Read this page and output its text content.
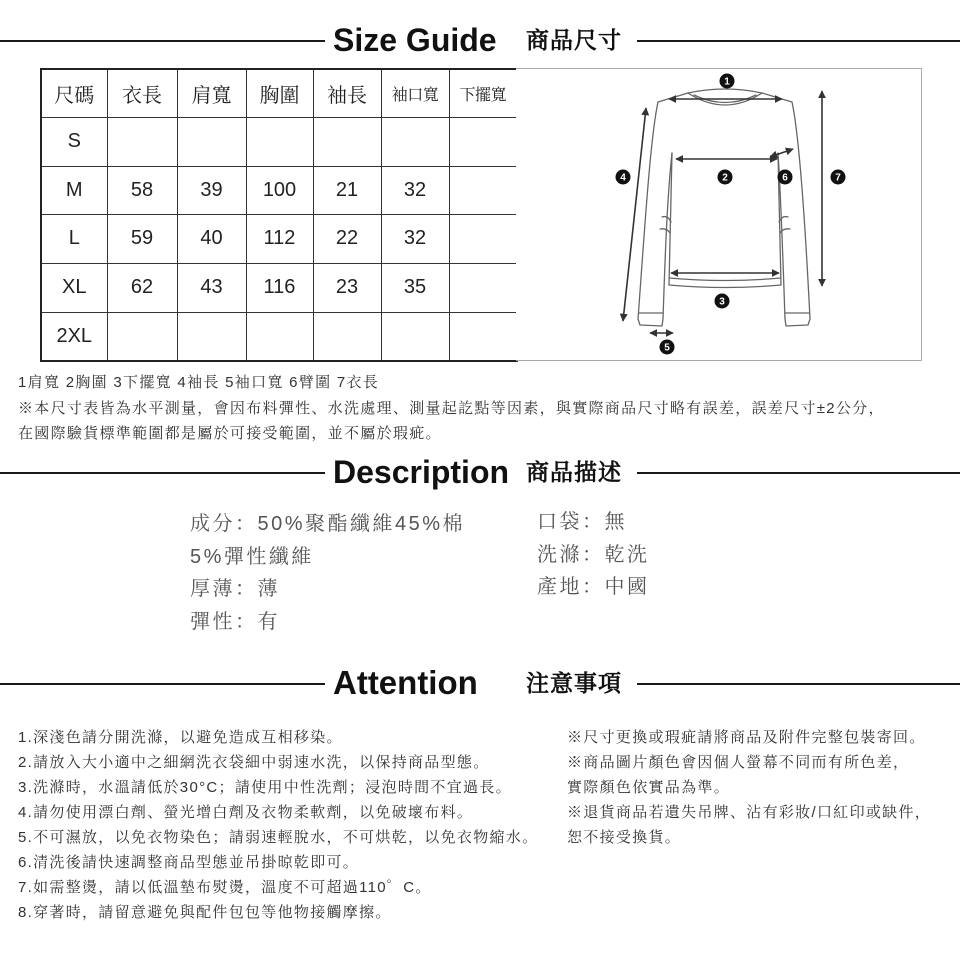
Size Guide 商品尺寸
尺碼	衣長	肩寬	胸圍	袖長	袖口寬	下擺寬
S						
M	58	39	100	21	32	
L	59	40	112	22	32	
XL	62	43	116	23	35	
2XL						
1
2
3
4
5
6	7
1肩寬 2胸圍 3下擺寬 4袖長 5袖口寬 6臂圍 7衣長
※本尺寸表皆為水平測量，會因布料彈性、水洗處理、測量起訖點等因素，與實際商品尺寸略有誤差，誤差尺寸±2公分，
在國際驗貨標準範圍都是屬於可接受範圍，並不屬於瑕疵。
Description 商品描述
成分：50%聚酯纖維45%棉
5%彈性纖維
厚薄：薄
彈性：有
口袋：無
洗滌：乾洗
產地：中國
Attention 注意事項
1.深淺色請分開洗滌，以避免造成互相移染。
2.請放入大小適中之細網洗衣袋細中弱速水洗，以保持商品型態。
3.洗滌時，水溫請低於30°C；請使用中性洗劑；浸泡時間不宜過長。
4.請勿使用漂白劑、螢光增白劑及衣物柔軟劑，以免破壞布料。
5.不可濕放，以免衣物染色；請弱速輕脫水，不可烘乾，以免衣物縮水。
6.清洗後請快速調整商品型態並吊掛晾乾即可。
7.如需整燙，請以低溫墊布熨燙，溫度不可超過110゜C。
8.穿著時，請留意避免與配件包包等他物接觸摩擦。
※尺寸更換或瑕疵請將商品及附件完整包裝寄回。
※商品圖片顏色會因個人螢幕不同而有所色差，
實際顏色依實品為準。
※退貨商品若遺失吊牌、沾有彩妝/口紅印或缺件，
恕不接受換貨。
